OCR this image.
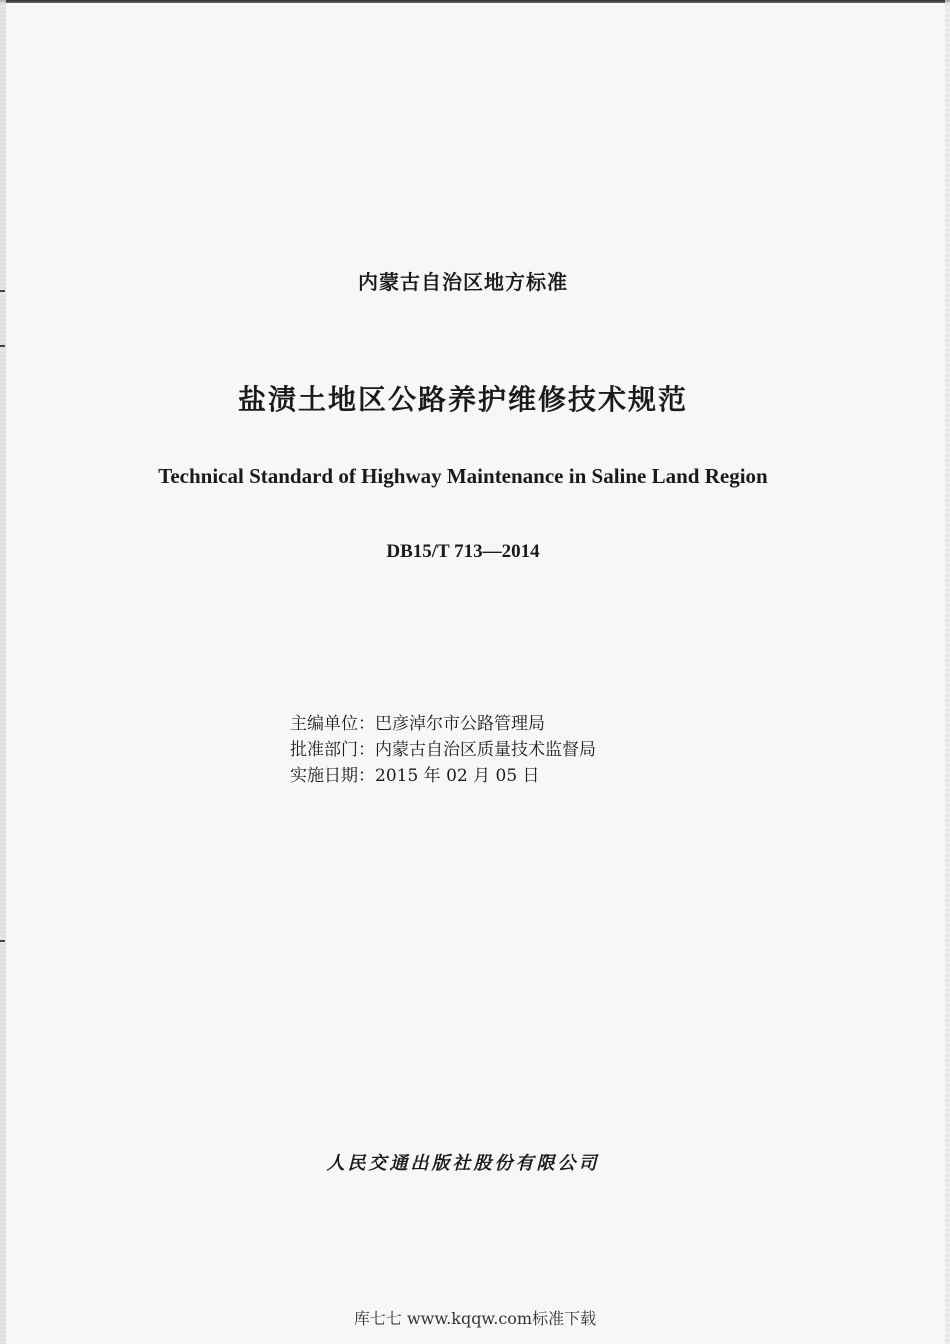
内蒙古自治区地方标准
盐渍土地区公路养护维修技术规范
Technical Standard of Highway Maintenance in Saline Land Region
DB15/T 713—2014
主编单位：巴彦淖尔市公路管理局
批准部门：内蒙古自治区质量技术监督局
实施日期：2015 年 02 月 05 日
人民交通出版社股份有限公司
库七七 www.kqqw.com标准下载
